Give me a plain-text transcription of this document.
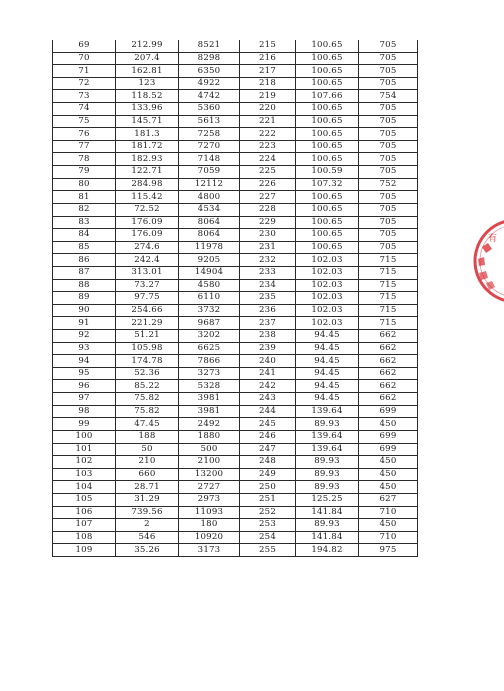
69	212.99	8521	215	100.65	705
70	207.4	8298	216	100.65	705
71	162.81	6350	217	100.65	705
72	123	4922	218	100.65	705
73	118.52	4742	219	107.66	754
74	133.96	5360	220	100.65	705
75	145.71	5613	221	100.65	705
76	181.3	7258	222	100.65	705
77	181.72	7270	223	100.65	705
78	182.93	7148	224	100.65	705
79	122.71	7059	225	100.59	705
80	284.98	12112	226	107.32	752
81	115.42	4800	227	100.65	705
82	72.52	4534	228	100.65	705
83	176.09	8064	229	100.65	705
84	176.09	8064	230	100.65	705
85	274.6	11978	231	100.65	705
86	242.4	9205	232	102.03	715
87	313.01	14904	233	102.03	715
88	73.27	4580	234	102.03	715
89	97.75	6110	235	102.03	715
90	254.66	3732	236	102.03	715
91	221.29	9687	237	102.03	715
92	51.21	3202	238	94.45	662
93	105.98	6625	239	94.45	662
94	174.78	7866	240	94.45	662
95	52.36	3273	241	94.45	662
96	85.22	5328	242	94.45	662
97	75.82	3981	243	94.45	662
98	75.82	3981	244	139.64	699
99	47.45	2492	245	89.93	450
100	188	1880	246	139.64	699
101	50	500	247	139.64	699
102	210	2100	248	89.93	450
103	660	13200	249	89.93	450
104	28.71	2727	250	89.93	450
105	31.29	2973	251	125.25	627
106	739.56	11093	252	141.84	710
107	2	180	253	89.93	450
108	546	10920	254	141.84	710
109	35.26	3173	255	194.82	975
有
